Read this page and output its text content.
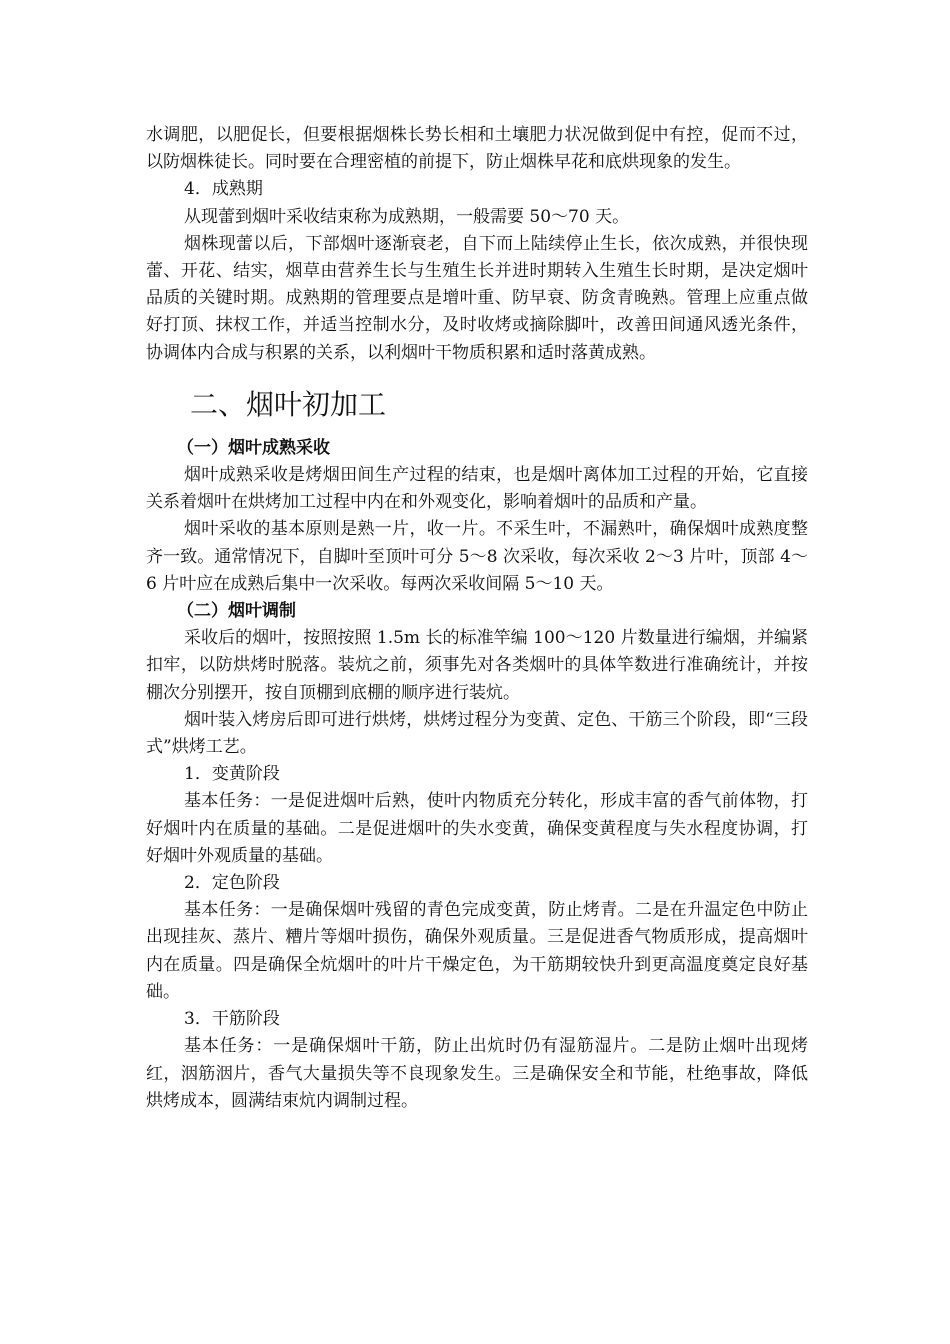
水调肥，以肥促长，但要根据烟株长势长相和土壤肥力状况做到促中有控，促而不过，以防烟株徒长。同时要在合理密植的前提下，防止烟株早花和底烘现象的发生。

4．成熟期

从现蕾到烟叶采收结束称为成熟期，一般需要 50～70 天。

烟株现蕾以后，下部烟叶逐渐衰老，自下而上陆续停止生长，依次成熟，并很快现蕾、开花、结实，烟草由营养生长与生殖生长并进时期转入生殖生长时期，是决定烟叶品质的关键时期。成熟期的管理要点是增叶重、防早衰、防贪青晚熟。管理上应重点做好打顶、抹杈工作，并适当控制水分，及时收烤或摘除脚叶，改善田间通风透光条件，协调体内合成与积累的关系，以利烟叶干物质积累和适时落黄成熟。

二、烟叶初加工

（一）烟叶成熟采收

烟叶成熟采收是烤烟田间生产过程的结束，也是烟叶离体加工过程的开始，它直接关系着烟叶在烘烤加工过程中内在和外观变化，影响着烟叶的品质和产量。

烟叶采收的基本原则是熟一片，收一片。不采生叶，不漏熟叶，确保烟叶成熟度整齐一致。通常情况下，自脚叶至顶叶可分 5～8 次采收，每次采收 2～3 片叶，顶部 4～6 片叶应在成熟后集中一次采收。每两次采收间隔 5～10 天。

（二）烟叶调制

采收后的烟叶，按照按照 1.5m 长的标准竿编 100～120 片数量进行编烟，并编紧扣牢，以防烘烤时脱落。装炕之前，须事先对各类烟叶的具体竿数进行准确统计，并按棚次分别摆开，按自顶棚到底棚的顺序进行装炕。

烟叶装入烤房后即可进行烘烤，烘烤过程分为变黄、定色、干筋三个阶段，即“三段式”烘烤工艺。

1．变黄阶段

基本任务：一是促进烟叶后熟，使叶内物质充分转化，形成丰富的香气前体物，打好烟叶内在质量的基础。二是促进烟叶的失水变黄，确保变黄程度与失水程度协调，打好烟叶外观质量的基础。

2．定色阶段

基本任务：一是确保烟叶残留的青色完成变黄，防止烤青。二是在升温定色中防止出现挂灰、蒸片、糟片等烟叶损伤，确保外观质量。三是促进香气物质形成，提高烟叶内在质量。四是确保全炕烟叶的叶片干燥定色，为干筋期较快升到更高温度奠定良好基础。

3．干筋阶段

基本任务：一是确保烟叶干筋，防止出炕时仍有湿筋湿片。二是防止烟叶出现烤红，洇筋洇片，香气大量损失等不良现象发生。三是确保安全和节能，杜绝事故，降低烘烤成本，圆满结束炕内调制过程。
